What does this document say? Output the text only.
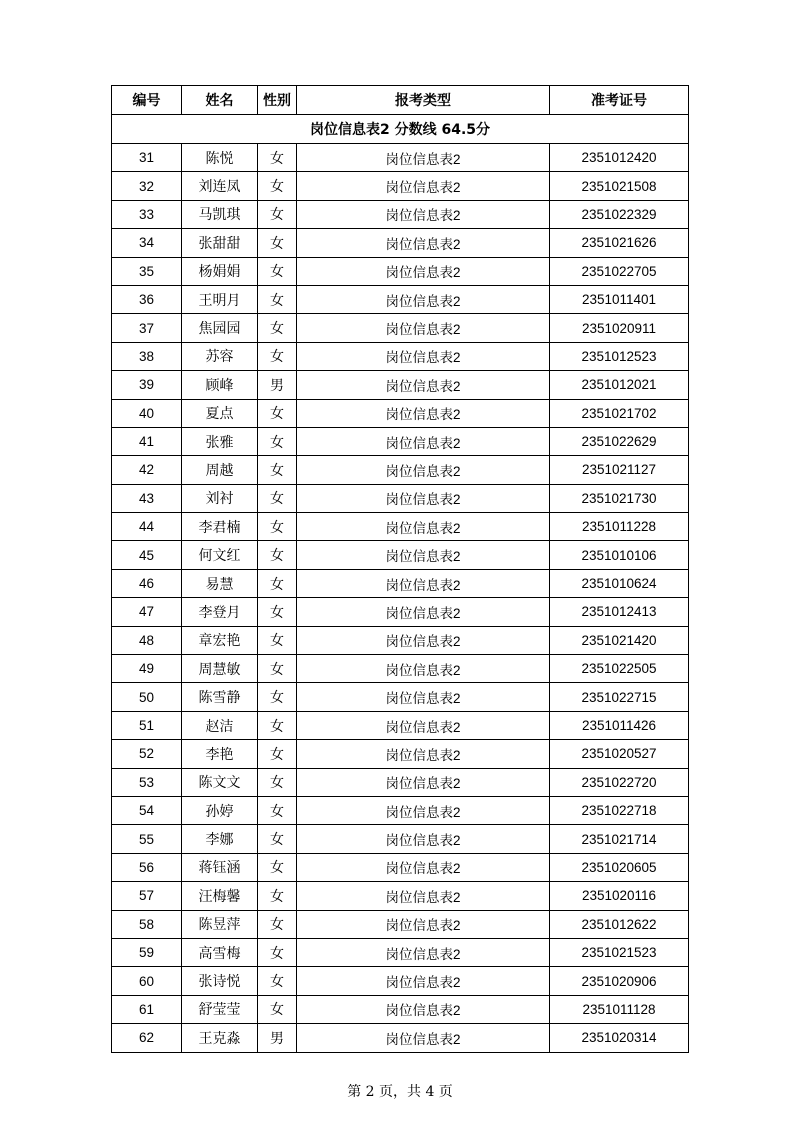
编号	姓名	性别	报考类型	准考证号
岗位信息表2 分数线 64.5分				
31	陈悦	女	岗位信息表2	2351012420
32	刘连凤	女	岗位信息表2	2351021508
33	马凯琪	女	岗位信息表2	2351022329
34	张甜甜	女	岗位信息表2	2351021626
35	杨娟娟	女	岗位信息表2	2351022705
36	王明月	女	岗位信息表2	2351011401
37	焦园园	女	岗位信息表2	2351020911
38	苏容	女	岗位信息表2	2351012523
39	顾峰	男	岗位信息表2	2351012021
40	夏点	女	岗位信息表2	2351021702
41	张雅	女	岗位信息表2	2351022629
42	周越	女	岗位信息表2	2351021127
43	刘衬	女	岗位信息表2	2351021730
44	李君楠	女	岗位信息表2	2351011228
45	何文红	女	岗位信息表2	2351010106
46	易慧	女	岗位信息表2	2351010624
47	李登月	女	岗位信息表2	2351012413
48	章宏艳	女	岗位信息表2	2351021420
49	周慧敏	女	岗位信息表2	2351022505
50	陈雪静	女	岗位信息表2	2351022715
51	赵洁	女	岗位信息表2	2351011426
52	李艳	女	岗位信息表2	2351020527
53	陈文文	女	岗位信息表2	2351022720
54	孙婷	女	岗位信息表2	2351022718
55	李娜	女	岗位信息表2	2351021714
56	蒋钰涵	女	岗位信息表2	2351020605
57	汪梅馨	女	岗位信息表2	2351020116
58	陈昱萍	女	岗位信息表2	2351012622
59	高雪梅	女	岗位信息表2	2351021523
60	张诗悦	女	岗位信息表2	2351020906
61	舒莹莹	女	岗位信息表2	2351011128
62	王克淼	男	岗位信息表2	2351020314
第 2 页，共 4 页
